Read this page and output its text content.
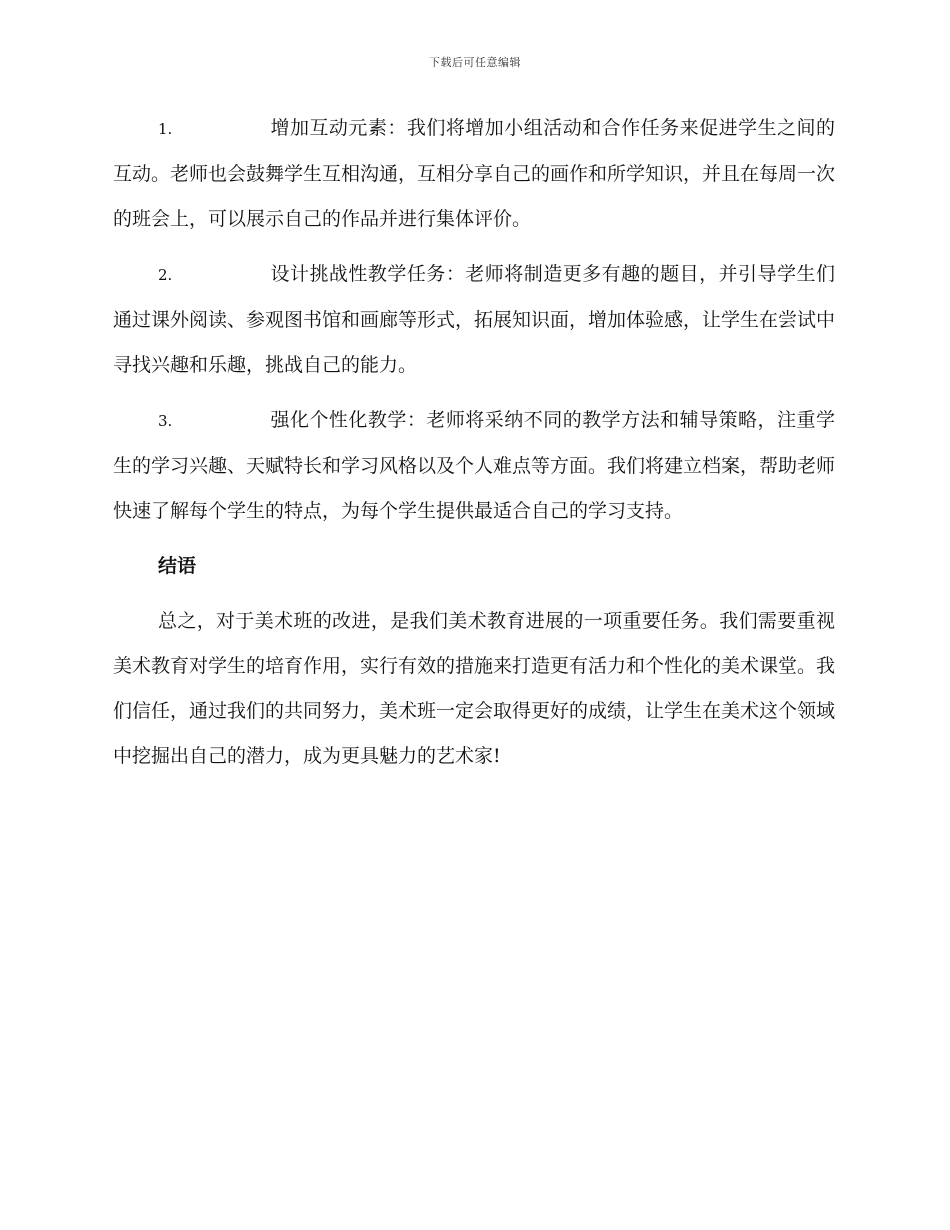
下载后可任意编辑
1.	增加互动元素：我们将增加小组活动和合作任务来促进学生之间的互动。老师也会鼓舞学生互相沟通，互相分享自己的画作和所学知识，并且在每周一次的班会上，可以展示自己的作品并进行集体评价。
2.	设计挑战性教学任务：老师将制造更多有趣的题目，并引导学生们通过课外阅读、参观图书馆和画廊等形式，拓展知识面，增加体验感，让学生在尝试中寻找兴趣和乐趣，挑战自己的能力。
3.	强化个性化教学：老师将采纳不同的教学方法和辅导策略，注重学生的学习兴趣、天赋特长和学习风格以及个人难点等方面。我们将建立档案，帮助老师快速了解每个学生的特点，为每个学生提供最适合自己的学习支持。
结语
总之，对于美术班的改进，是我们美术教育进展的一项重要任务。我们需要重视美术教育对学生的培育作用，实行有效的措施来打造更有活力和个性化的美术课堂。我们信任，通过我们的共同努力，美术班一定会取得更好的成绩，让学生在美术这个领域中挖掘出自己的潜力，成为更具魅力的艺术家!
